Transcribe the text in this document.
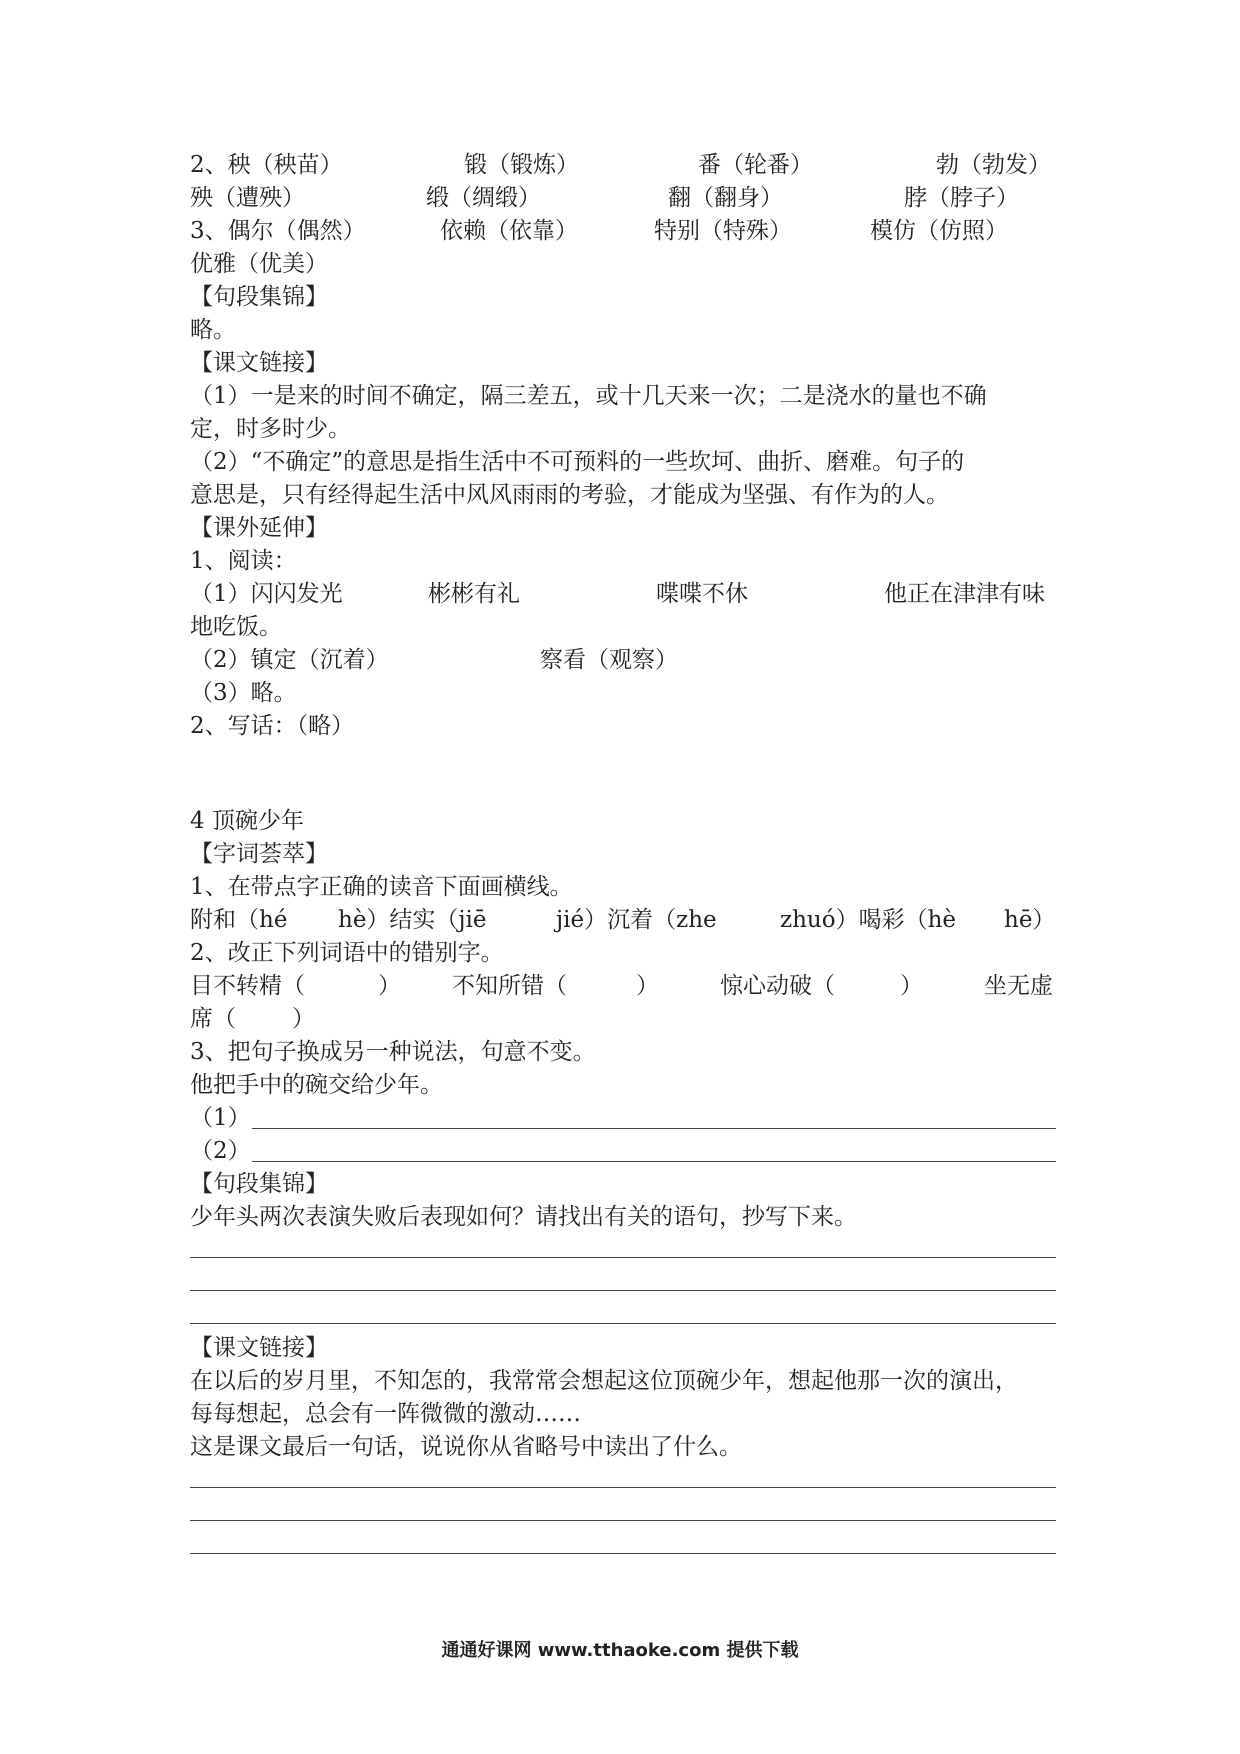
2、秧（秧苗）	锻（锻炼）	番（轮番）	勃（勃发）
殃（遭殃）	缎（绸缎）	翻（翻身）	脖（脖子）
3、偶尔（偶然）	依赖（依靠）	特别（特殊）	模仿（仿照）
优雅（优美）
【句段集锦】
略。
【课文链接】
（1）一是来的时间不确定，隔三差五，或十几天来一次；二是浇水的量也不确
定，时多时少。
（2）“不确定”的意思是指生活中不可预料的一些坎坷、曲折、磨难。句子的
意思是，只有经得起生活中风风雨雨的考验，才能成为坚强、有作为的人。
【课外延伸】
1、阅读：
（1）闪闪发光	彬彬有礼	喋喋不休	他正在津津有味
地吃饭。
（2）镇定（沉着）	察看（观察）
（3）略。
2、写话：（略）
4 顶碗少年
【字词荟萃】
1、在带点字正确的读音下面画横线。
附和（hé hè）结实（jiē	jié）沉着（zhe	zhuó）喝彩（hè hē）
2、改正下列词语中的错别字。
目不转精（	） 不知所错（	）	惊心动破（	）	坐无虚
席（ ）
3、把句子换成另一种说法，句意不变。
他把手中的碗交给少年。
（1）
（2）
【句段集锦】
少年头两次表演失败后表现如何？请找出有关的语句，抄写下来。
【课文链接】
在以后的岁月里，不知怎的，我常常会想起这位顶碗少年，想起他那一次的演出，
每每想起，总会有一阵微微的激动……
这是课文最后一句话，说说你从省略号中读出了什么。
通通好课网 www.tthaoke.com 提供下载
